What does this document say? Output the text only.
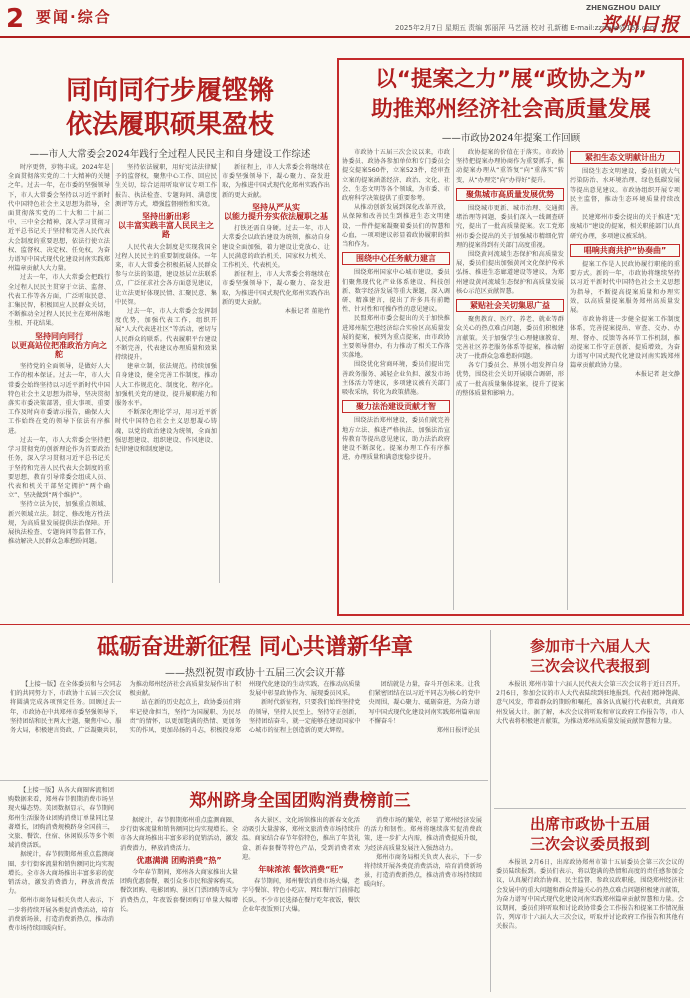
2 要闻·综合	ZHENGZHOU DAILY
郑州日报
2025年2月7日 星期五 责编 郭丽萍 马艺涵 校对 孔新穗 E-mail:zzrbyw@163.com
同向同行步履铿锵
依法履职硕果盈枝
——市人大常委会2024年践行全过程人民民主和自身建设工作综述

时序更替，岁物丰成。2024年是全面贯彻落实党的二十大精神的关键之年。过去一年，在市委的坚强领导下，市人大常委会坚持以习近平新时代中国特色社会主义思想为指导，全面贯彻落实党的二十大和二十届二中、三中全会精神，深入学习贯彻习近平总书记关于坚持和完善人民代表大会制度的重要思想，依法行使立法权、监督权、决定权、任免权，为奋力谱写中国式现代化建设河南实践郑州篇章贡献人大力量。

过去一年，市人大常委会把践行全过程人民民主贯穿于立法、监督、代表工作等各方面，广泛听取民意、汇集民智，积极回应人民群众关切，不断推动全过程人民民主在郑州落地生根、开花结果。

坚持同向同行
以更高站位把准政治方向之舵

坚持党的全面领导，是做好人大工作的根本保证。过去一年，市人大常委会始终坚持以习近平新时代中国特色社会主义思想为指导，坚决贯彻落实市委决策部署，重大事项、重要工作及时向市委请示报告，确保人大工作始终在党的领导下依法有序推进。

过去一年，市人大常委会坚持把学习贯彻党的创新理论作为首要政治任务，深入学习贯彻习近平总书记关于坚持和完善人民代表大会制度的重要思想，教育引导常委会组成人员、代表和机关干部坚定拥护“两个确立”、坚决做到“两个维护”。

坚持立法为民，加强重点领域、新兴领域立法。制定、修改地方性法规，为高质量发展提供法治保障。开展执法检查、专题询问等监督工作，推动解决人民群众急难愁盼问题。

坚持依法履职，用好宪法法律赋予的监督权，聚焦中心工作、回应民生关切，综合运用听取审议专项工作报告、执法检查、专题询问、满意度测评等方式，增强监督刚性和实效。

坚持出新出彩
以丰富实践丰富人民民主之路

人民代表大会制度是实现我国全过程人民民主的重要制度载体。一年来，市人大常委会积极拓展人民群众参与立法的渠道，建设基层立法联系点，广泛征求社会各方面意见建议，让立法更好体现民情、汇聚民意、集中民智。

过去一年，市人大常委会发挥制度优势，加强代表工作，组织开展“人大代表进社区”等活动，密切与人民群众的联系。代表履职平台建设不断完善，代表建议办理质量和效果持续提升。

建章立制，依法规范。持续加强自身建设，健全完善工作制度，推动人大工作规范化、制度化、程序化。加强机关党的建设，提升履职能力和服务水平。

不断深化理论学习，用习近平新时代中国特色社会主义思想凝心铸魂，以党的政治建设为统领，全面加强思想建设、组织建设、作风建设、纪律建设和制度建设。

新征程上，市人大常委会将继续在市委坚强领导下，凝心聚力、奋发进取，为推进中国式现代化郑州实践作出新的更大贡献。

坚持从严从实
以能力提升夯实依法履职之基

打铁还需自身硬。过去一年，市人大常委会以政治建设为统领，推动自身建设全面加强，着力建设让党放心、让人民满意的政治机关、国家权力机关、工作机关、代表机关。

新征程上，市人大常委会将继续在市委坚强领导下，凝心聚力、奋发进取，为推进中国式现代化郑州实践作出新的更大贡献。

本报记者 董艳竹
以“提案之力”展“政协之为”
助推郑州经济社会高质量发展
——市政协2024年提案工作回顾

市政协十五届三次会议以来，市政协委员、政协各参加单位和专门委员会提交提案560件，立案523件，经审查立案的提案涵盖经济、政治、文化、社会、生态文明等各个领域，为市委、市政府科学决策提供了重要参考。

从推动创新发展到深化改革开放，从保障和改善民生到推进生态文明建设，一件件提案凝聚着委员们的智慧和心血，一项项建议彰显着政协履职的担当和作为。

围绕中心任务献力建言

围绕郑州国家中心城市建设，委员们聚焦现代化产业体系建设、科技创新、数字经济发展等重大课题，深入调研、精准建言，提出了许多具有前瞻性、针对性和可操作性的意见建议。

民盟郑州市委会提出的关于加快推进郑州航空港经济综合实验区高质量发展的提案，被列为重点提案，由市政协主要领导督办，有力推动了相关工作落实落地。

围绕优化营商环境，委员们提出完善政务服务、减轻企业负担、激发市场主体活力等建议，多项建议被有关部门吸收采纳，转化为政策措施。

聚力法治建设贡献才智

围绕法治郑州建设，委员们就完善地方立法、推进严格执法、加强法治宣传教育等提出意见建议，助力法治政府建设不断深化。提案办理工作有序推进，办理质量和满意度稳步提升。

政协提案的价值在于落实。市政协坚持把提案办理协商作为重要抓手，推动提案办理从“重答复”向“重落实”转变，从“办理完”向“办得好”提升。

聚焦城市高质量发展优势

围绕城市更新、城市治理、交通拥堵治理等问题，委员们深入一线调查研究，提出了一批高质量提案。农工党郑州市委会提出的关于加强城市精细化管理的提案得到有关部门高度重视。

围绕黄河流域生态保护和高质量发展，委员们提出加强黄河文化保护传承弘扬、推进生态廊道建设等建议，为郑州建设黄河流域生态保护和高质量发展核心示范区贡献智慧。

紧贴社会关切集思广益

聚焦教育、医疗、养老、就业等群众关心的热点难点问题，委员们积极建言献策。关于加强学生心理健康教育、完善社区养老服务体系等提案，推动解决了一批群众急难愁盼问题。

各专门委员会、界别小组发挥自身优势，围绕社会关切开展联合调研，形成了一批高质量集体提案，提升了提案的整体质量和影响力。

紧扣生态文明献计出力

围绕生态文明建设，委员们就大气污染防治、水环境治理、绿色低碳发展等提出意见建议。市政协组织开展专项民主监督，推动生态环境质量持续改善。

民建郑州市委会提出的关于推进“无废城市”建设的提案，相关职能部门认真研究办理，多项建议被采纳。

唱响共商共护“协奏曲”

提案工作是人民政协履行职能的重要方式。新的一年，市政协将继续坚持以习近平新时代中国特色社会主义思想为指导，不断提高提案质量和办理实效，以高质量提案服务郑州高质量发展。

市政协将进一步健全提案工作制度体系，完善提案提出、审查、交办、办理、督办、反馈等各环节工作机制，推动提案工作守正创新、提质增效，为奋力谱写中国式现代化建设河南实践郑州篇章贡献政协力量。

本报记者 赵文静
砥砺奋进新征程 同心共谱新华章
——热烈祝贺市政协十五届三次会议开幕

【上接一版】在全体委员和与会同志们的共同努力下，市政协十五届三次会议将圆满完成各项预定任务。回顾过去一年，市政协在中共郑州市委坚强领导下，坚持团结和民主两大主题，聚焦中心、服务大局，积极建言资政、广泛凝聚共识，为推动郑州经济社会高质量发展作出了积极贡献。

站在新的历史起点上，政协委员们将牢记使命担当，坚持“为国履职、为民尽责”的情怀，以更加饱满的热情、更加务实的作风、更加昂扬的斗志，积极投身郑州现代化建设的生动实践，在推动高质量发展中彰显政协作为、展现委员风采。

新时代新征程，只要我们始终坚持党的领导，坚持人民至上，坚持守正创新，坚持团结奋斗，就一定能够在建设国家中心城市的征程上创造新的更大辉煌。

团结就是力量，奋斗开创未来。让我们紧密团结在以习近平同志为核心的党中央周围，凝心聚力、砥砺奋进，为奋力谱写中国式现代化建设河南实践郑州篇章而不懈奋斗！

郑州日报评论员

【上接一版】从各大商圈客流和团购数据来看，郑州春节假期消费市场呈现火爆态势。美团数据显示，春节期间郑州生活服务业团购消费订单量同比显著增长，团购消费规模跻身全国前三，文旅、餐饮、住宿、休闲娱乐等多个领域消费活跃。

据统计，春节假期郑州重点监测商圈、步行街客流量和销售额同比均实现增长。全市各大商场推出丰富多彩的促销活动，激发消费潜力，释放消费活力。

郑州市商务局相关负责人表示，下一步将持续开展各类促消费活动，培育消费新场景，打造消费新热点，推动消费市场持续回暖向好。

郑州跻身全国团购消费榜前三

据统计，春节假期郑州重点监测商圈、步行街客流量和销售额同比均实现增长。全市各大商场推出丰富多彩的促销活动，激发消费潜力，释放消费活力。

优惠满满 团购消费“热”

今年春节期间，郑州各大商家推出大量团购优惠套餐，吸引众多市民和游客购买。餐饮团购、电影团购、景区门票团购等成为消费热点，年夜饭套餐团购订单量大幅增长。

各大景区、文化场馆推出的新春文化活动吸引大量游客，郑州文旅消费市场持续升温。商家结合春节年俗特色，推出了年货礼盒、新春套餐等特色产品，受到消费者欢迎。

年味浓浓 餐饮消费“旺”

春节期间，郑州餐饮消费市场火爆，老字号餐馆、特色小吃店、网红餐厅门前排起长队。不少市民选择在餐厅吃年夜饭，餐饮企业年夜饭预订火爆。

消费市场的繁荣，彰显了郑州经济发展的活力和韧性。郑州将继续落实促消费政策，进一步扩大内需，推动消费提质升级，为经济高质量发展注入强劲动力。

郑州市商务局相关负责人表示，下一步将持续开展各类促消费活动，培育消费新场景，打造消费新热点，推动消费市场持续回暖向好。

参加市十六届人大
三次会议代表报到

本报讯 郑州市第十六届人民代表大会第三次会议将于近日召开。2月6日，参加会议的市人大代表陆续到驻地报到。代表们精神饱满、意气风发，带着群众的期盼和嘱托，准备认真履行代表职责，共商郑州发展大计。据了解，本次会议将听取和审议政府工作报告等，市人大代表将积极建言献策，为推动郑州高质量发展贡献智慧和力量。

出席市政协十五届
三次会议委员报到

本报讯 2月6日，出席政协郑州市第十五届委员会第三次会议的委员陆续报到。委员们表示，将以饱满的热情和高度的责任感参加会议，认真履行政治协商、民主监督、参政议政职能，围绕郑州经济社会发展中的重大问题和群众普遍关心的热点难点问题积极建言献策，为奋力谱写中国式现代化建设河南实践郑州篇章贡献智慧和力量。会议期间，委员们将听取和讨论政协常委会工作报告和提案工作情况报告，列席市十六届人大三次会议，听取并讨论政府工作报告和其他有关报告。
